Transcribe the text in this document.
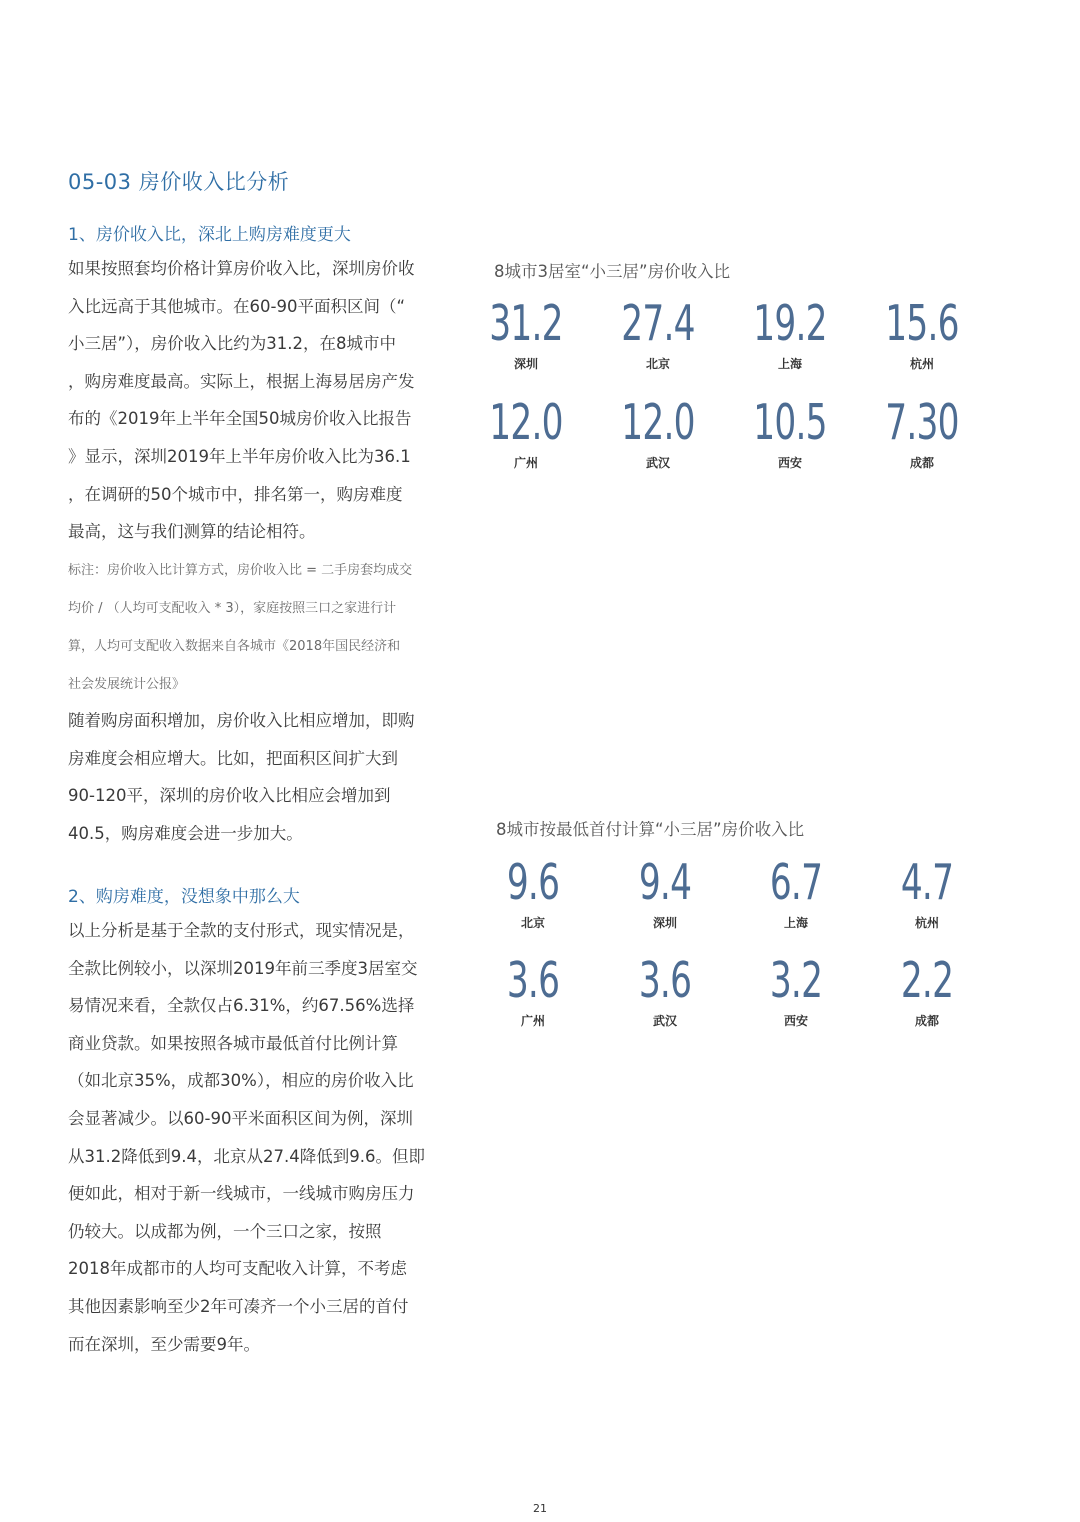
05-03 房价收入比分析
1、房价收入比，深北上购房难度更大
如果按照套均价格计算房价收入比，深圳房价收
入比远高于其他城市。在60-90平面积区间（“
小三居”），房价收入比约为31.2，在8城市中
，购房难度最高。实际上，根据上海易居房产发
布的《2019年上半年全国50城房价收入比报告
》显示，深圳2019年上半年房价收入比为36.1
，在调研的50个城市中，排名第一，购房难度
最高，这与我们测算的结论相符。
标注：房价收入比计算方式，房价收入比 = 二手房套均成交
均价 / （人均可支配收入 * 3），家庭按照三口之家进行计
算，人均可支配收入数据来自各城市《2018年国民经济和
社会发展统计公报》
随着购房面积增加，房价收入比相应增加，即购
房难度会相应增大。比如，把面积区间扩大到
90-120平，深圳的房价收入比相应会增加到
40.5，购房难度会进一步加大。
2、购房难度，没想象中那么大
以上分析是基于全款的支付形式，现实情况是，
全款比例较小，以深圳2019年前三季度3居室交
易情况来看，全款仅占6.31%，约67.56%选择
商业贷款。如果按照各城市最低首付比例计算
（如北京35%，成都30%），相应的房价收入比
会显著减少。以60-90平米面积区间为例，深圳
从31.2降低到9.4，北京从27.4降低到9.6。但即
便如此，相对于新一线城市，一线城市购房压力
仍较大。以成都为例，一个三口之家，按照
2018年成都市的人均可支配收入计算，不考虑
其他因素影响至少2年可凑齐一个小三居的首付
而在深圳，至少需要9年。
8城市3居室“小三居”房价收入比
31.2
深圳
27.4
北京
19.2
上海
15.6
杭州
12.0
广州
12.0
武汉
10.5
西安
7.30
成都
8城市按最低首付计算“小三居”房价收入比
9.6
北京
9.4
深圳
6.7
上海
4.7
杭州
3.6
广州
3.6
武汉
3.2
西安
2.2
成都
21
